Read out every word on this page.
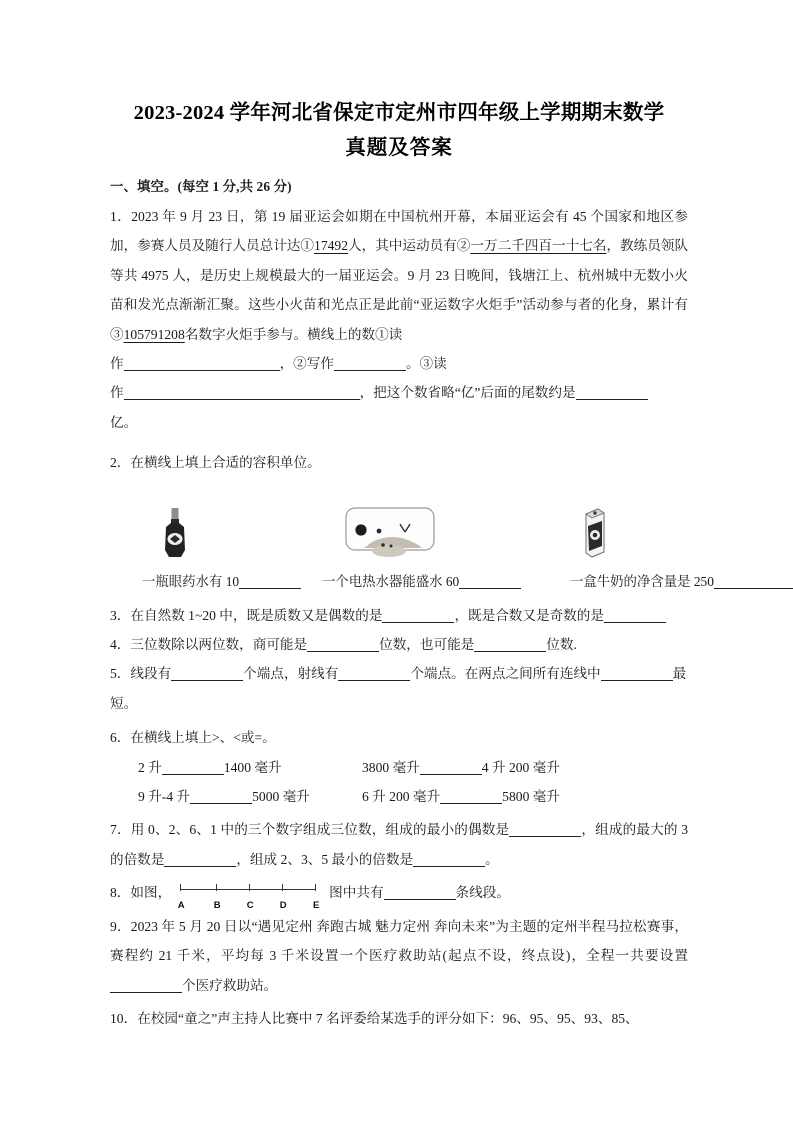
2023-2024 学年河北省保定市定州市四年级上学期期末数学
真题及答案
一、填空。(每空 1 分,共 26 分)
1．2023 年 9 月 23 日，第 19 届亚运会如期在中国杭州开幕，本届亚运会有 45 个国家和地区参加，参赛人员及随行人员总计达①17492人，其中运动员有②一万二千四百一十七名，教练员领队等共 4975 人，是历史上规模最大的一届亚运会。9 月 23 日晚间，钱塘江上、杭州城中无数小火苗和发光点渐渐汇聚。这些小火苗和光点正是此前“亚运数字火炬手”活动参与者的化身，累计有③105791208名数字火炬手参与。横线上的数①读
作	，②写作	。③读
作	，把这个数省略“亿”后面的尾数约是
亿。
2．在横线上填上合适的容积单位。
一瓶眼药水有 10	一个电热水器能盛水 60	一盒牛奶的净含量是 250
3．在自然数 1~20 中，既是质数又是偶数的是	，既是合数又是奇数的是
4．三位数除以两位数，商可能是	位数，也可能是	位数.
5．线段有	个端点，射线有	个端点。在两点之间所有连线中	最
短。
6．在横线上填上>、<或=。
2 升	1400 毫升	3800 毫升	4 升 200 毫升
9 升-4 升	5000 毫升	6 升 200 毫升	5800 毫升
7．用 0、2、6、1 中的三个数字组成三位数，组成的最小的偶数是	，组成的最大的 3 的倍数是	，组成 2、3、5 最小的倍数是	。
8．如图，
A	B	C	D	E
图中共有	条线段。
9．2023 年 5 月 20 日以“遇见定州 奔跑古城 魅力定州 奔向未来”为主题的定州半程马拉松赛事，赛程约 21 千米，平均每 3 千米设置一个医疗救助站(起点不设，终点设)，全程一共要设置个医疗救助站。
10．在校园“童之”声主持人比赛中 7 名评委给某选手的评分如下：96、95、95、93、85、
